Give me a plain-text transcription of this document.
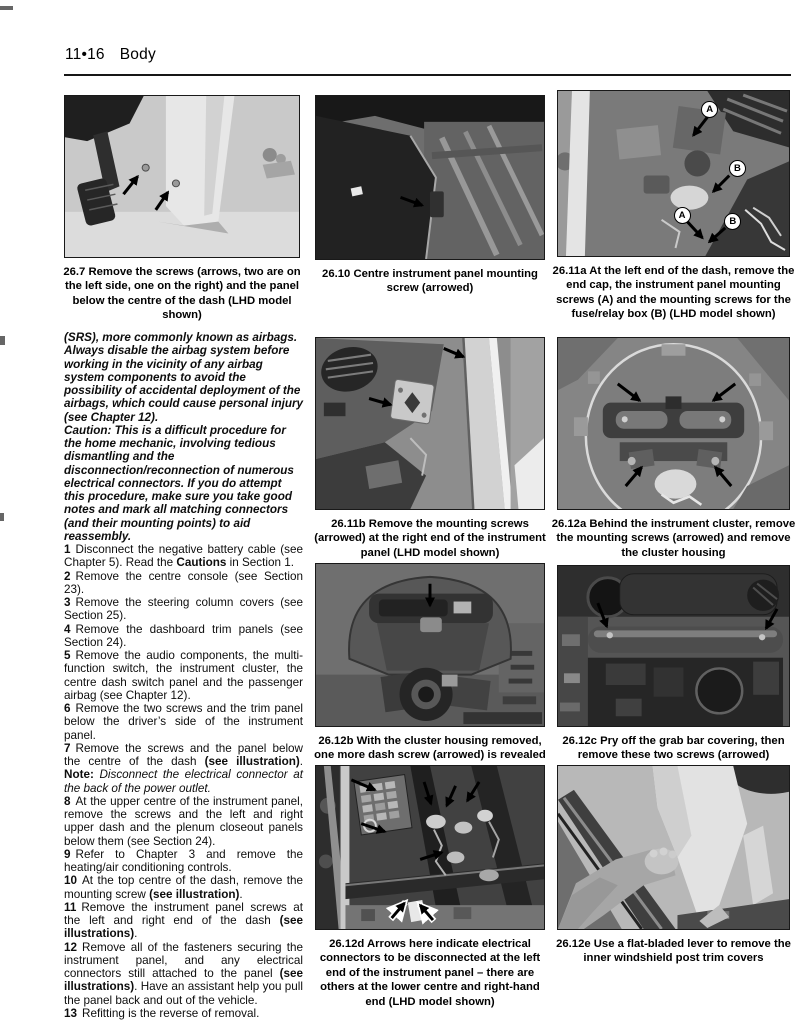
11•16 Body
26.7 Remove the screws (arrows, two are on the left side, one on the right) and the panel below the centre of the dash (LHD model shown)
26.10 Centre instrument panel mounting screw (arrowed)
A
B
A
B
26.11a At the left end of the dash, remove the end cap, the instrument panel mounting screws (A) and the mounting screws for the fuse/relay box (B) (LHD model shown)
26.11b Remove the mounting screws (arrowed) at the right end of the instrument panel (LHD model shown)
26.12a Behind the instrument cluster, remove the mounting screws (arrowed) and remove the cluster housing
26.12b With the cluster housing removed, one more dash screw (arrowed) is revealed
26.12c Pry off the grab bar covering, then remove these two screws (arrowed)
26.12d Arrows here indicate electrical connectors to be disconnected at the left end of the instrument panel – there are others at the lower centre and right-hand end (LHD model shown)
26.12e Use a flat-bladed lever to remove the inner windshield post trim covers

(SRS), more commonly known as airbags. Always disable the airbag system before working in the vicinity of any airbag system components to avoid the possibility of accidental deployment of the airbags, which could cause personal injury (see Chapter 12).

Caution: This is a difficult procedure for the home mechanic, involving tedious dismantling and the disconnection/reconnection of numerous electrical connectors. If you do attempt this procedure, make sure you take good notes and mark all matching connectors (and their mounting points) to aid reassembly.

1 Disconnect the negative battery cable (see Chapter 5). Read the Cautions in Section 1.

2 Remove the centre console (see Section 23).

3 Remove the steering column covers (see Section 25).

4 Remove the dashboard trim panels (see Section 24).

5 Remove the audio components, the multi-function switch, the instrument cluster, the centre dash switch panel and the passenger airbag (see Chapter 12).

6 Remove the two screws and the trim panel below the driver’s side of the instrument panel.

7 Remove the screws and the panel below the centre of the dash (see illustration). Note: Disconnect the electrical connector at the back of the power outlet.

8 At the upper centre of the instrument panel, remove the screws and the left and right upper dash and the plenum closeout panels below them (see Section 24).

9 Refer to Chapter 3 and remove the heating/air conditioning controls.

10 At the top centre of the dash, remove the mounting screw (see illustration).

11 Remove the instrument panel screws at the left and right end of the dash (see illustrations).

12 Remove all of the fasteners securing the instrument panel, and any electrical connectors still attached to the panel (see illustrations). Have an assistant help you pull the panel back and out of the vehicle.

13 Refitting is the reverse of removal.
